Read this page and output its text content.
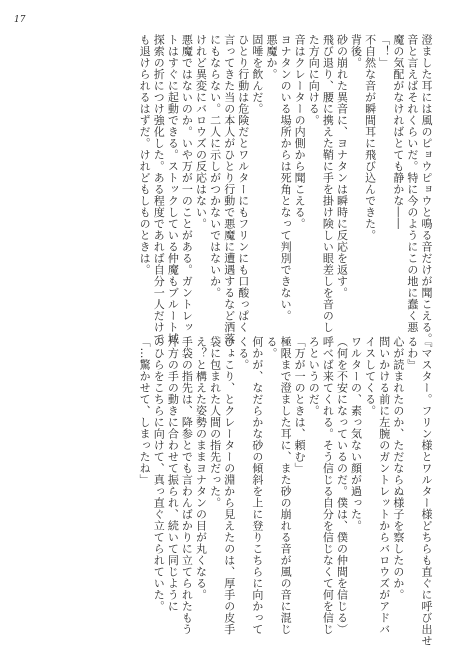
17

澄ました耳には風のピョウピョウと鳴る音だけが聞こえる。

音と言えばそれくらいだ。特に今のようにこの地に蠢く悪

魔の気配がなければとても静かな――

「！」

不自然な音が瞬間耳に飛び込んできた。

背後。

砂の崩れた異音に、ヨナタンは瞬時に反応を返す。

飛び退り、腰に携えた鞘に手を掛け険しい眼差しを音のし

た方向に向ける。

音はクレーターの内側から聞こえる。

ヨナタンのいる場所からは死角となって判別できない。

悪魔か。

固唾を飲んだ。

ひとり行動は危険だとワルターにもフリンにも口酸っぱく

言ってきた当の本人がひとり行動で悪魔に遭遇するなど洒落

にもならない。二人に示しがつかないではないか。

けれど異変にバロウズの反応はない。

悪魔ではないのか。いや万が一のことがある。ガントレッ

トはすぐに起動できる。ストックしている仲魔もブルート城

探索の折につけ強化した。ある程度であれば自分一人だけで

も退けられるはずだ。けれどもしものときは。

『マスター。フリン様とワルター様どちらも直ぐに呼び出せ

るわ』

心が読まれたのか、ただならぬ様子を察したのか。

問いかける前に左腕のガントレットからバロウズがアドバ

イスしてくる。

ワルターの、素っ気ない顔が過った。

（何を不安になっているのだ。僕は、僕の仲間を信じる）

呼べば来てくれる。そう信じる自分を信じなくて何を信じ

ろというのだ。

「万が一のときは、頼む」

極限まで澄ました耳に、また砂の崩れる音が風の音に混じ

る。

何かが、なだらかな砂の傾斜を上に登りこちらに向かって

くる。

ひょこり、とクレーターの淵から見えたのは、厚手の皮手

袋に包まれた人間の指先だった。

え？と構えた姿勢のままヨナタンの目が丸くなる。

手袋の指先は、降参とでも言わんばかりに立てられたもう

片方の手の動きに合わせて振られ、続いて同じように

のひらをこちらに向けて、真っ直ぐ立てられていた。

「…驚かせて、しまったね」
